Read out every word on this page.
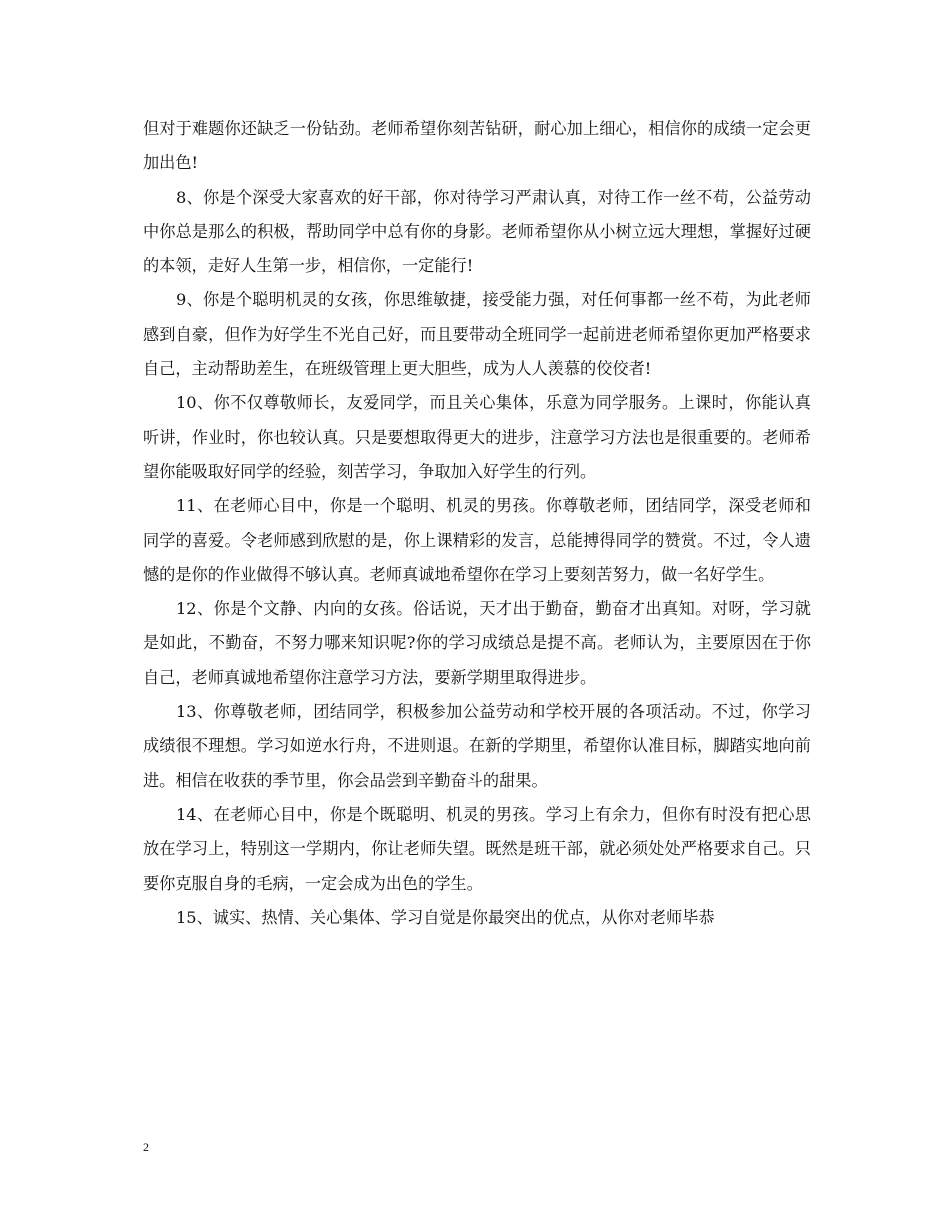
但对于难题你还缺乏一份钻劲。老师希望你刻苦钻研，耐心加上细心，相信你的成绩一定会更加出色!

8、你是个深受大家喜欢的好干部，你对待学习严肃认真，对待工作一丝不苟，公益劳动中你总是那么的积极，帮助同学中总有你的身影。老师希望你从小树立远大理想，掌握好过硬的本领，走好人生第一步，相信你，一定能行!

9、你是个聪明机灵的女孩，你思维敏捷，接受能力强，对任何事都一丝不苟，为此老师感到自豪，但作为好学生不光自己好，而且要带动全班同学一起前进老师希望你更加严格要求自己，主动帮助差生，在班级管理上更大胆些，成为人人羡慕的佼佼者!

10、你不仅尊敬师长，友爱同学，而且关心集体，乐意为同学服务。上课时，你能认真听讲，作业时，你也较认真。只是要想取得更大的进步，注意学习方法也是很重要的。老师希望你能吸取好同学的经验，刻苦学习，争取加入好学生的行列。

11、在老师心目中，你是一个聪明、机灵的男孩。你尊敬老师，团结同学，深受老师和同学的喜爱。令老师感到欣慰的是，你上课精彩的发言，总能搏得同学的赞赏。不过，令人遗憾的是你的作业做得不够认真。老师真诚地希望你在学习上要刻苦努力，做一名好学生。

12、你是个文静、内向的女孩。俗话说，天才出于勤奋，勤奋才出真知。对呀，学习就是如此，不勤奋，不努力哪来知识呢?你的学习成绩总是提不高。老师认为，主要原因在于你自己，老师真诚地希望你注意学习方法，要新学期里取得进步。

13、你尊敬老师，团结同学，积极参加公益劳动和学校开展的各项活动。不过，你学习成绩很不理想。学习如逆水行舟，不进则退。在新的学期里，希望你认准目标，脚踏实地向前进。相信在收获的季节里，你会品尝到辛勤奋斗的甜果。

14、在老师心目中，你是个既聪明、机灵的男孩。学习上有余力，但你有时没有把心思放在学习上，特别这一学期内，你让老师失望。既然是班干部，就必须处处严格要求自己。只要你克服自身的毛病，一定会成为出色的学生。

15、诚实、热情、关心集体、学习自觉是你最突出的优点，从你对老师毕恭

2
